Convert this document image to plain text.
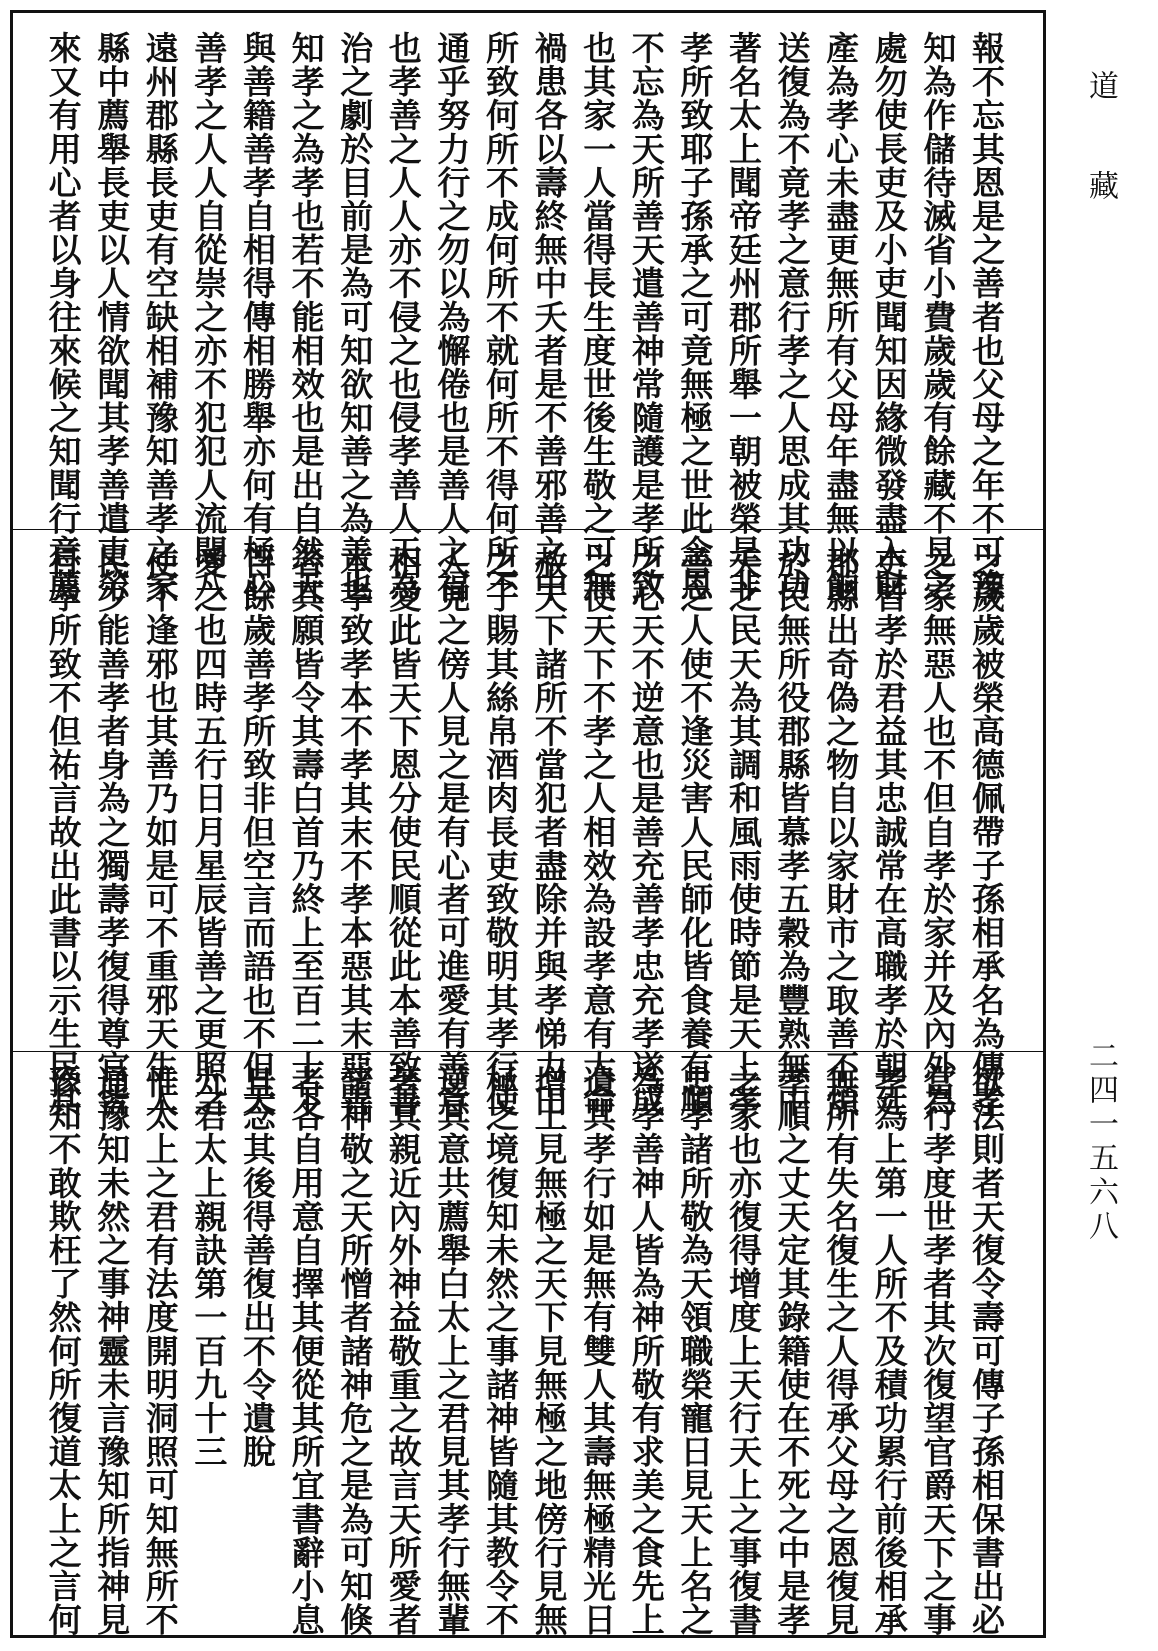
報不忘其恩是之善者也父母之年不可豫
知為作儲待滅省小費歲歲有餘藏不見之
處勿使長吏及小吏聞知因緣微發盡入財
產為孝心未盡更無所有父母年盡無以餉
送復為不竟孝之意行孝之人思成其功功
著名太上聞帝廷州郡所舉一朝被榮是非
孝所致耶子孫承之可竟無極之世此念恩
不忘為天所善天遣善神常隨護是孝所致
也其家一人當得長生度世後生敬之可無
禍患各以壽終無中夭者是不善邪善之中
所致何所不成何所不就何所不得何所不
通乎努力行之勿以為懈倦也是善人之福
也孝善之人人亦不侵之也侵孝善人天為
治之劇於目前是為可知欲知善之為善也
知孝之為孝也若不能相效也是出自然天
與善籍善孝自相得傳相勝舉亦何有極心
善孝之人人自從崇之亦不犯犯人流聞八
遠州郡縣長吏有空缺相補豫知善孝之家
縣中薦舉長吏以人情欲聞其孝善遣吏勞
來又有用心者以身往來候之知聞行意薦
之歲歲被榮高德佩帶子孫相承名為傳孝
之家無惡人也不但自孝於家并及內外為
吏皆孝於君益其忠誠常在高職孝於朝廷
郡縣出奇偽之物自以家財市之取善不煩
於民無所役郡縣皆慕孝五穀為豐熟無中
夭之民天為其調和風雨使時節是天上孝
善之人使不逢災害人民師化皆食養有順
之心天不逆意也是善充善孝忠充孝遂成
之使天下不孝之人相效為設孝意有大命
赦天下諸所不當犯者盡除并與孝悌力田
之子賜其絲帛酒肉長吏致敬明其孝行使
人見之傍人見之是有心者可進愛有善意
相愛此皆天下恩分使民順從此本善致善
本孝致孝本不孝其末不孝本惡其末惡善
者其願皆令其壽白首乃終上至百二十下
百餘歲善孝所致非但空言而語也不但天
愛之也四時五行日月星辰皆善之更照之
使不逢邪也其善乃如是可不重邪天生人
民少能善孝者身為之獨壽孝復得尊官皆
行孝所致不但祐言故出此書以示生民其
欲法則者天復令壽可傳子孫相保書出必
當行孝度世孝者其次復望官爵天下之事
孝為上第一人所不及積功累行前後相承
無所有失名復生之人得承父母之恩復見
孝順之丈天定其錄籍使在不死之中是孝
之家也亦復得增度上天行天上之事復書
忠孝諸所敬為天領職榮寵日見天上名之
為孝善神人皆為神所敬有求美之食先上
遺其孝行如是無有雙人其壽無極精光日
增上見無極之天下見無極之地傍行見無
極之境復知未然之事諸神皆隨其教令不
逆其意共薦舉白太上之君見其孝行無輩
著其親近內外神益敬重之故言天所愛者
諸神敬之天所憎者諸神危之是為可知倏
者各自用意自擇其便從其所宜書辭小息
且念其後得善復出不令遺脫
九君太上親訣第一百九十三
惟太上之君有法度開明洞照可知無所不
通豫知未然之事神靈未言豫知所指神見
豫知不敢欺枉了然何所復道太上之言何
道藏
二四一五六八
